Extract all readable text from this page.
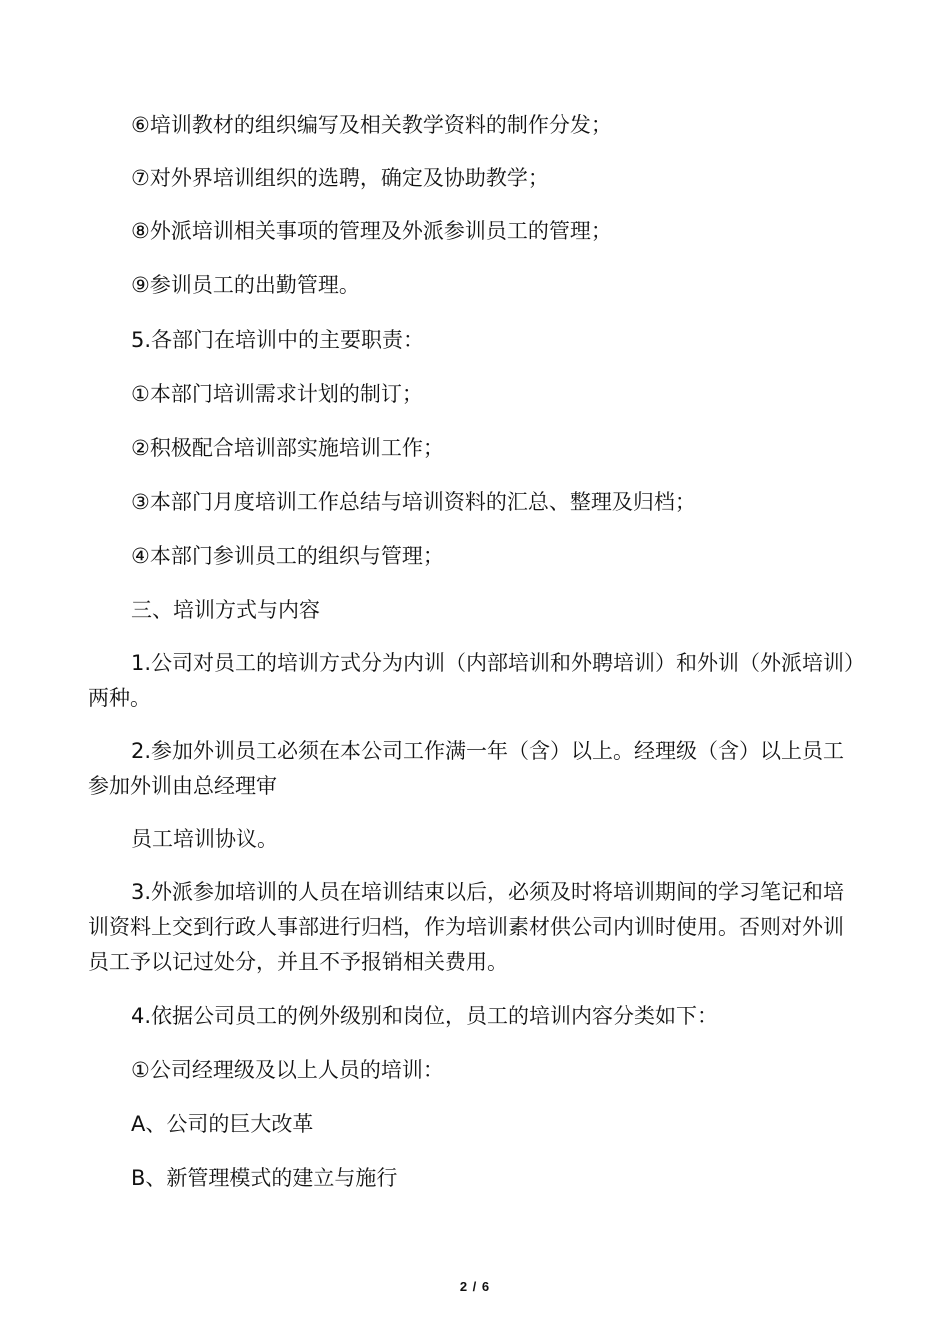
⑥培训教材的组织编写及相关教学资料的制作分发；

⑦对外界培训组织的选聘，确定及协助教学；

⑧外派培训相关事项的管理及外派参训员工的管理；

⑨参训员工的出勤管理。

5.各部门在培训中的主要职责：

①本部门培训需求计划的制订；

②积极配合培训部实施培训工作；

③本部门月度培训工作总结与培训资料的汇总、整理及归档；

④本部门参训员工的组织与管理；

三、培训方式与内容

1.公司对员工的培训方式分为内训（内部培训和外聘培训）和外训（外派培训）两种。

2.参加外训员工必须在本公司工作满一年（含）以上。经理级（含）以上员工参加外训由总经理审

员工培训协议。

3.外派参加培训的人员在培训结束以后，必须及时将培训期间的学习笔记和培训资料上交到行政人事部进行归档，作为培训素材供公司内训时使用。否则对外训员工予以记过处分，并且不予报销相关费用。

4.依据公司员工的例外级别和岗位，员工的培训内容分类如下：

①公司经理级及以上人员的培训：

A、公司的巨大改革

B、新管理模式的建立与施行

2 / 6
